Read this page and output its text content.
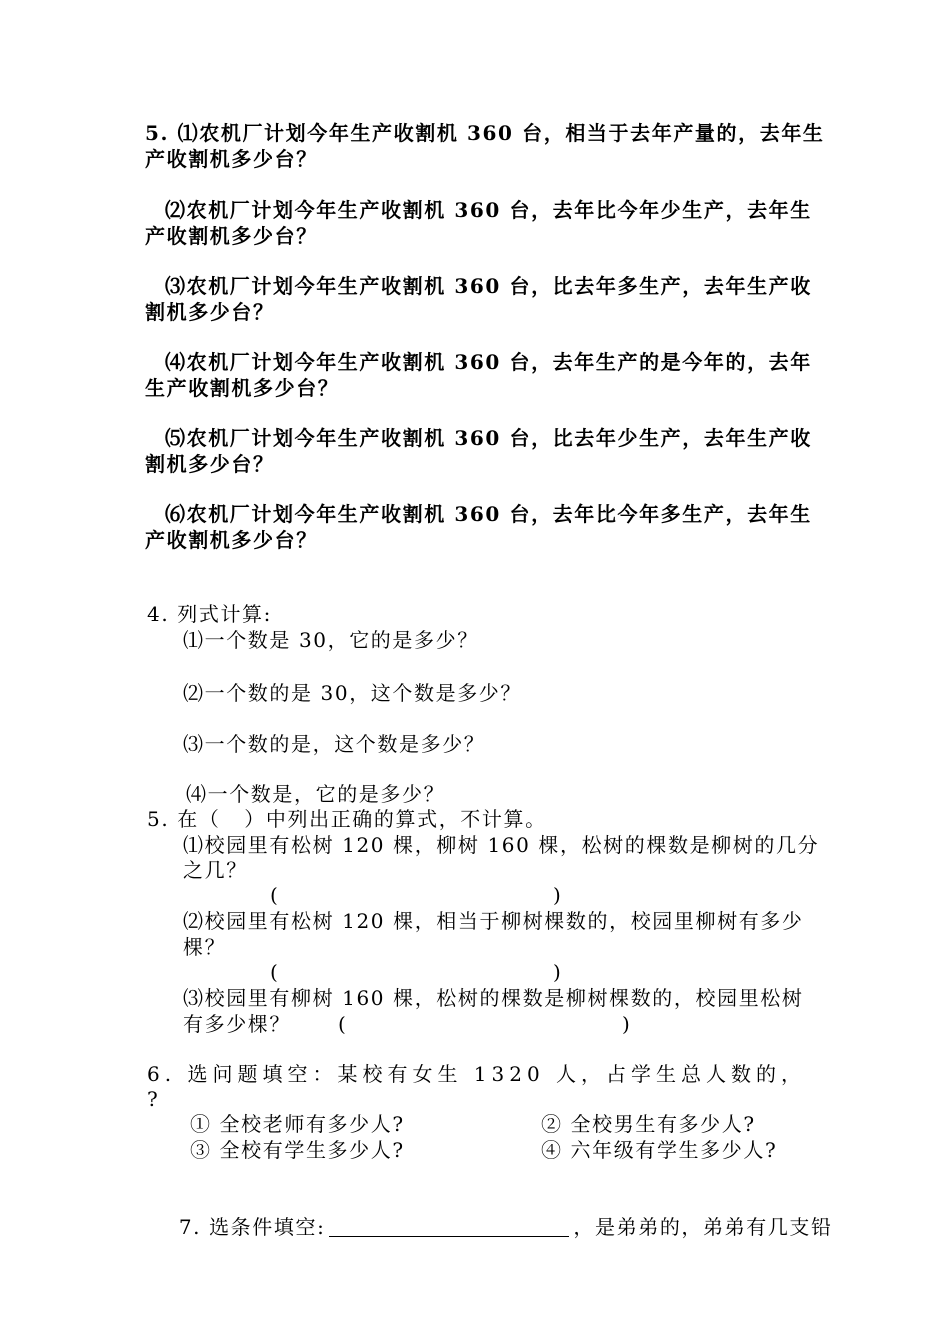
5. ⑴农机厂计划今年生产收割机 360 台，相当于去年产量的，去年生
产收割机多少台？
⑵农机厂计划今年生产收割机 360 台，去年比今年少生产，去年生
产收割机多少台？
⑶农机厂计划今年生产收割机 360 台，比去年多生产，去年生产收
割机多少台？
⑷农机厂计划今年生产收割机 360 台，去年生产的是今年的，去年
生产收割机多少台？
⑸农机厂计划今年生产收割机 360 台，比去年少生产，去年生产收
割机多少台？
⑹农机厂计划今年生产收割机 360 台，去年比今年多生产，去年生
产收割机多少台？
4. 列式计算:
⑴一个数是 30，它的是多少？
⑵一个数的是 30，这个数是多少？
⑶一个数的是，这个数是多少？
⑷一个数是，它的是多少？
5. 在（   ）中列出正确的算式，不计算。
⑴校园里有松树 120 棵，柳树 160 棵，松树的棵数是柳树的几分
之几？
(	)
⑵校园里有松树 120 棵，相当于柳树棵数的，校园里柳树有多少
棵？
(	)
⑶校园里有柳树 160 棵，松树的棵数是柳树棵数的，校园里松树
有多少棵？ (	)
6. 选问题填空：某校有女生 1320 人，占学生总人数的，
?
① 全校老师有多少人?	② 全校男生有多少人?
③ 全校有学生多少人?	④ 六年级有学生多少人?

7. 选条件填空:	，是弟弟的，弟弟有几支铅
